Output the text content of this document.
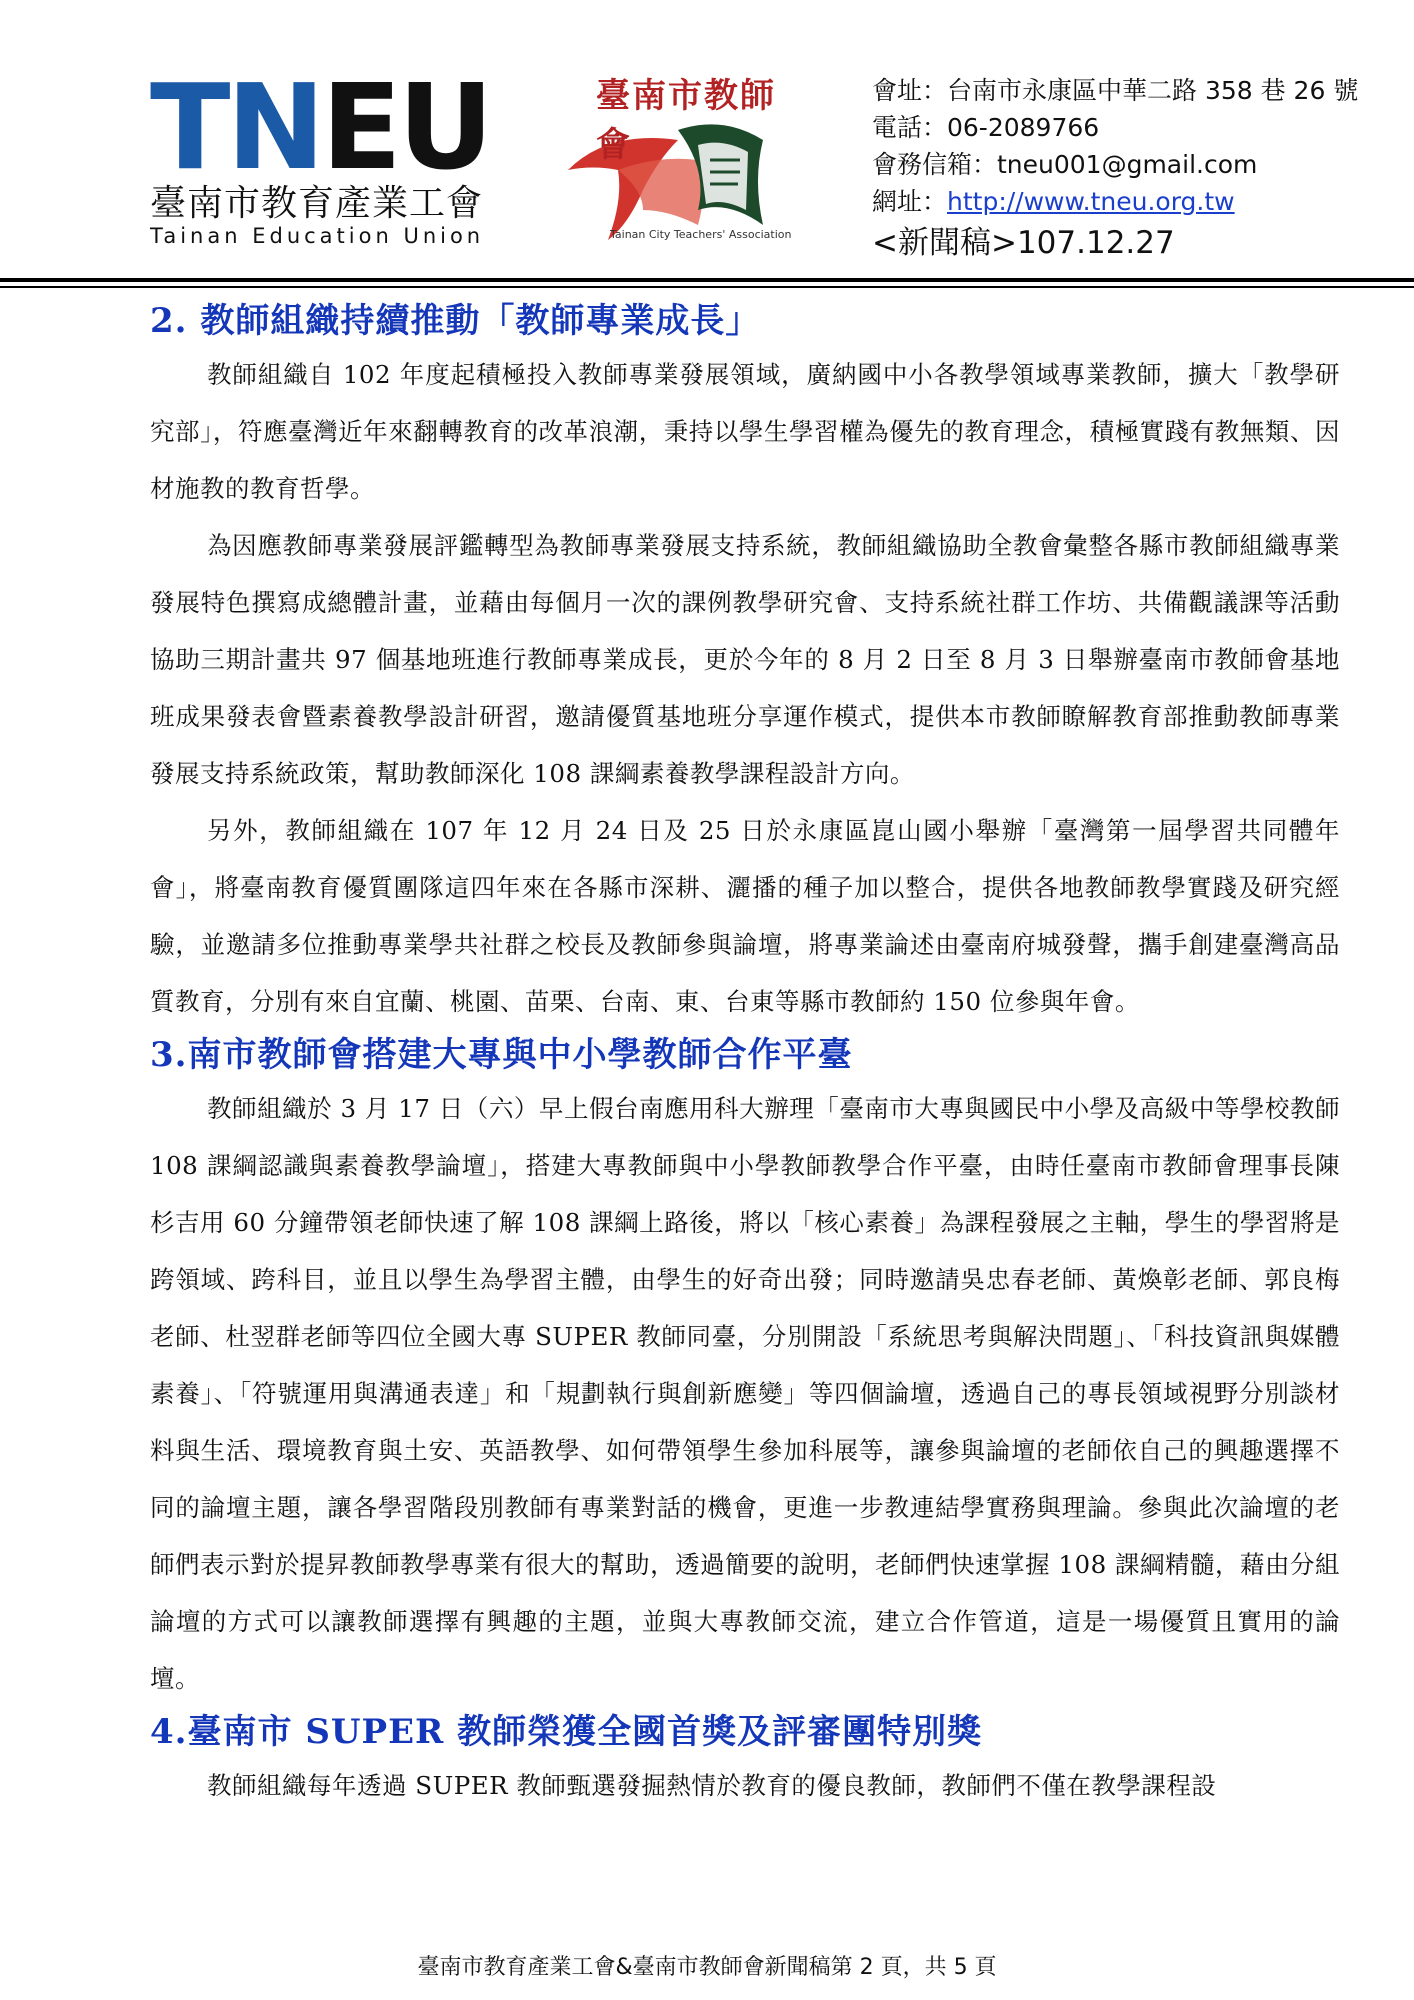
TNEU
臺南市教育產業工會
Tainan Education Union
臺南市教師會
Tainan City Teachers' Association
會址：台南市永康區中華二路 358 巷 26 號
電話：06-2089766
會務信箱：tneu001@gmail.com
網址：http://www.tneu.org.tw
<新聞稿>107.12.27
2. 教師組織持續推動「教師專業成長」

教師組織自 102 年度起積極投入教師專業發展領域，廣納國中小各教學領域專業教師，擴大「教學研究部」，符應臺灣近年來翻轉教育的改革浪潮，秉持以學生學習權為優先的教育理念，積極實踐有教無類、因材施教的教育哲學。

為因應教師專業發展評鑑轉型為教師專業發展支持系統，教師組織協助全教會彙整各縣市教師組織專業發展特色撰寫成總體計畫，並藉由每個月一次的課例教學研究會、支持系統社群工作坊、共備觀議課等活動協助三期計畫共 97 個基地班進行教師專業成長，更於今年的 8 月 2 日至 8 月 3 日舉辦臺南市教師會基地班成果發表會暨素養教學設計研習，邀請優質基地班分享運作模式，提供本市教師瞭解教育部推動教師專業發展支持系統政策，幫助教師深化 108 課綱素養教學課程設計方向。

另外，教師組織在 107 年 12 月 24 日及 25 日於永康區崑山國小舉辦「臺灣第一屆學習共同體年會」，將臺南教育優質團隊這四年來在各縣市深耕、灑播的種子加以整合，提供各地教師教學實踐及研究經驗，並邀請多位推動專業學共社群之校長及教師參與論壇，將專業論述由臺南府城發聲，攜手創建臺灣高品質教育，分別有來自宜蘭、桃園、苗栗、台南、東、台東等縣市教師約 150 位參與年會。

3.南市教師會搭建大專與中小學教師合作平臺

教師組織於 3 月 17 日（六）早上假台南應用科大辦理「臺南市大專與國民中小學及高級中等學校教師 108 課綱認識與素養教學論壇」，搭建大專教師與中小學教師教學合作平臺，由時任臺南市教師會理事長陳杉吉用 60 分鐘帶領老師快速了解 108 課綱上路後，將以「核心素養」為課程發展之主軸，學生的學習將是跨領域、跨科目，並且以學生為學習主體，由學生的好奇出發；同時邀請吳忠春老師、黃煥彰老師、郭良梅老師、杜翌群老師等四位全國大專 SUPER 教師同臺，分別開設「系統思考與解決問題」、「科技資訊與媒體素養」、「符號運用與溝通表達」和「規劃執行與創新應變」等四個論壇，透過自己的專長領域視野分別談材料與生活、環境教育與土安、英語教學、如何帶領學生參加科展等，讓參與論壇的老師依自己的興趣選擇不同的論壇主題，讓各學習階段別教師有專業對話的機會，更進一步教連結學實務與理論。參與此次論壇的老師們表示對於提昇教師教學專業有很大的幫助，透過簡要的說明，老師們快速掌握 108 課綱精髓，藉由分組論壇的方式可以讓教師選擇有興趣的主題，並與大專教師交流，建立合作管道，這是一場優質且實用的論壇。

4.臺南市 SUPER 教師榮獲全國首獎及評審團特別獎

教師組織每年透過 SUPER 教師甄選發掘熱情於教育的優良教師，教師們不僅在教學課程設

臺南市教育產業工會&臺南市教師會新聞稿第 2 頁，共 5 頁
